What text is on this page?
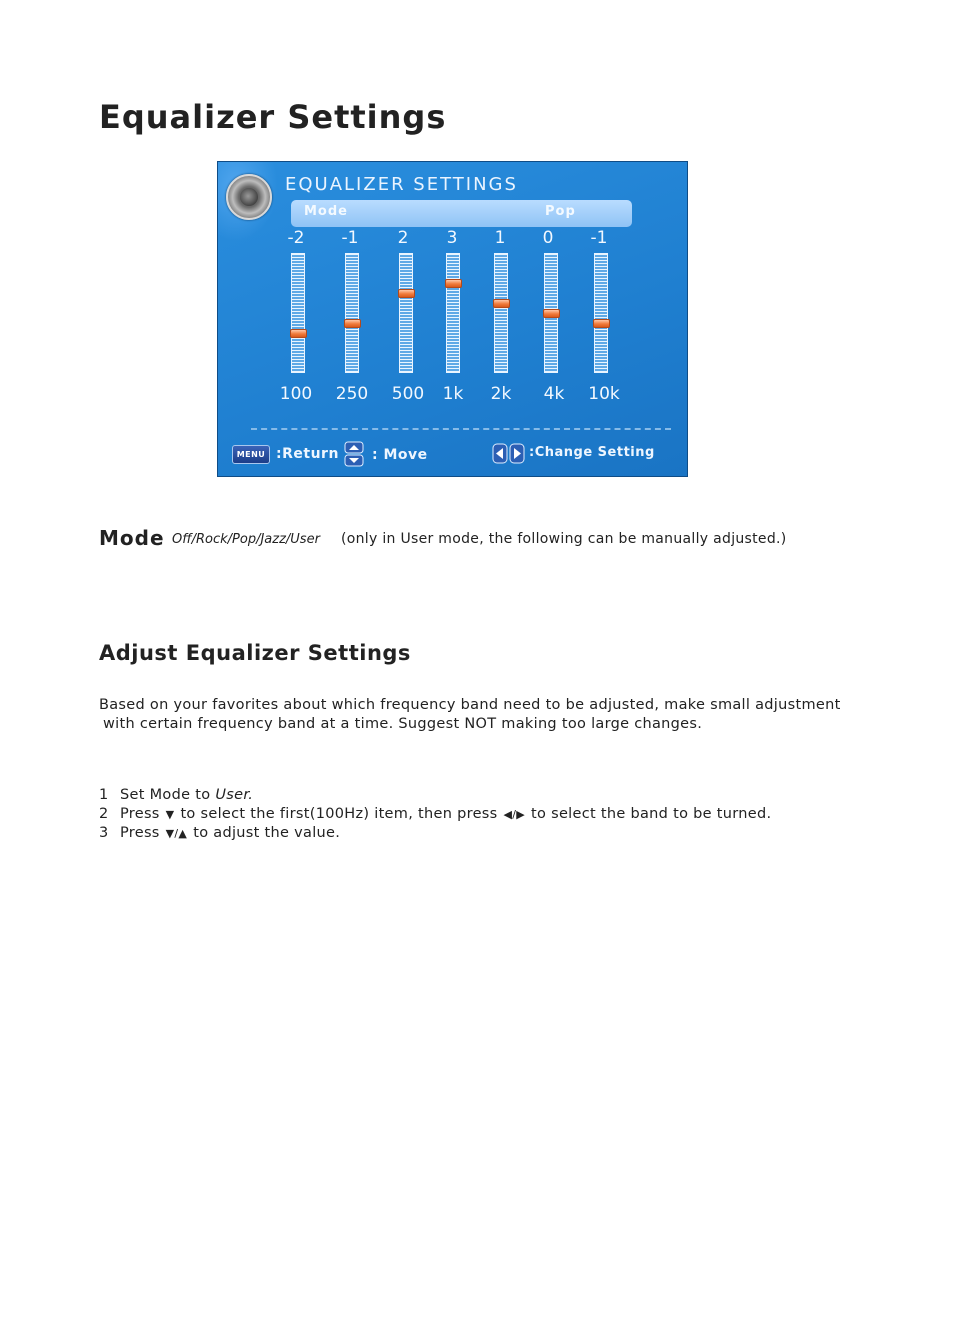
Equalizer Settings
EQUALIZER SETTINGS
Mode	Pop
-2	-1	2	3	1	0	-1
100	250	500	1k	2k	4k	10k
MENU :Return : Move	:Change Setting
Mode Off/Rock/Pop/Jazz/User (only in User mode, the following can be manually adjusted.)
Adjust Equalizer Settings
Based on your favorites about which frequency band need to be adjusted, make small adjustment
with certain frequency band at a time. Suggest NOT making too large changes.
1 Set Mode to User.
2 Press ▼ to select the first(100Hz) item, then press ◀/▶ to select the band to be turned.
3 Press ▼/▲ to adjust the value.
